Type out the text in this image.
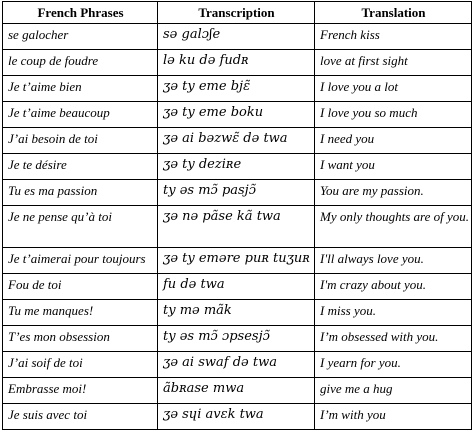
French Phrases	Transcription	Translation
se galocher	sə galɔʃe	French kiss
le coup de foudre	lə ku də fudʀ	love at first sight
Je t’aime bien	ʒə ty eme bjɛ̃	I love you a lot
Je t’aime beaucoup	ʒə ty eme boku	I love you so much
J’ai besoin de toi	ʒə ai bəzwɛ̃ də twa	I need you
Je te désire	ʒə ty deziʀe	I want you
Tu es ma passion	ty əs mɔ̃ pasjɔ̃	You are my passion.
Je ne pense qu’à toi	ʒə nə pãse kã twa	My only thoughts are of you.
Je t’aimerai pour toujours	ʒə ty emǝre puʀ tuʒuʀ	I'll always love you.
Fou de toi	fu də twa	I'm crazy about you.
Tu me manques!	ty mə mãk	I miss you.
T’es mon obsession	ty əs mɔ̃ ɔpsesjɔ̃	I’m obsessed with you.
J’ai soif de toi	ʒə ai swaf də twa	I yearn for you.
Embrasse moi!	ãbʀase mwa	give me a hug
Je suis avec toi	ʒə sɥi avɛk twa	I’m with you
